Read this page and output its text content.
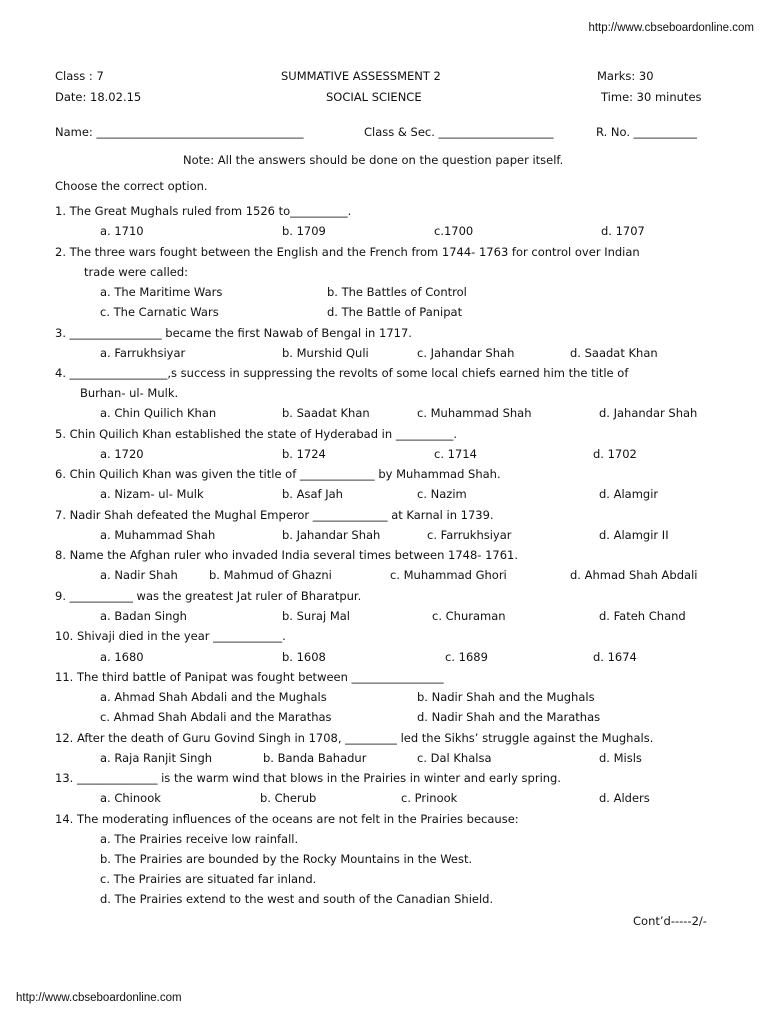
http://www.cbseboardonline.com
Class : 7	SUMMATIVE ASSESSMENT 2	Marks: 30
Date: 18.02.15	SOCIAL SCIENCE	Time: 30 minutes
Name: ____________________________________	Class & Sec. ____________________	R. No. ___________
Note: All the answers should be done on the question paper itself.
Choose the correct option.
1. The Great Mughals ruled from 1526 to__________.
a. 1710	b. 1709	c.1700	d. 1707
2. The three wars fought between the English and the French from 1744- 1763 for control over Indian
trade were called:
a. The Maritime Wars	b. The Battles of Control
c. The Carnatic Wars	d. The Battle of Panipat
3. ________________ became the first Nawab of Bengal in 1717.
a. Farrukhsiyar	b. Murshid Quli	c. Jahandar Shah	d. Saadat Khan
4. _________________,s success in suppressing the revolts of some local chiefs earned him the title of
Burhan- ul- Mulk.
a. Chin Quilich Khan	b. Saadat Khan	c. Muhammad Shah	d. Jahandar Shah
5. Chin Quilich Khan established the state of Hyderabad in __________.
a. 1720	b. 1724	c. 1714	d. 1702
6. Chin Quilich Khan was given the title of _____________ by Muhammad Shah.
a. Nizam- ul- Mulk	b. Asaf Jah	c. Nazim	d. Alamgir
7. Nadir Shah defeated the Mughal Emperor _____________ at Karnal in 1739.
a. Muhammad Shah	b. Jahandar Shah	c. Farrukhsiyar	d. Alamgir II
8. Name the Afghan ruler who invaded India several times between 1748- 1761.
a. Nadir Shah	b. Mahmud of Ghazni	c. Muhammad Ghori	d. Ahmad Shah Abdali
9. ___________ was the greatest Jat ruler of Bharatpur.
a. Badan Singh	b. Suraj Mal	c. Churaman	d. Fateh Chand
10. Shivaji died in the year ____________.
a. 1680	b. 1608	c. 1689	d. 1674
11. The third battle of Panipat was fought between ________________
a. Ahmad Shah Abdali and the Mughals	b. Nadir Shah and the Mughals
c. Ahmad Shah Abdali and the Marathas	d. Nadir Shah and the Marathas
12. After the death of Guru Govind Singh in 1708, _________ led the Sikhs’ struggle against the Mughals.
a. Raja Ranjit Singh	b. Banda Bahadur	c. Dal Khalsa	d. Misls
13. ______________ is the warm wind that blows in the Prairies in winter and early spring.
a. Chinook	b. Cherub	c. Prinook	d. Alders
14. The moderating influences of the oceans are not felt in the Prairies because:
a. The Prairies receive low rainfall.
b. The Prairies are bounded by the Rocky Mountains in the West.
c. The Prairies are situated far inland.
d. The Prairies extend to the west and south of the Canadian Shield.
Cont’d-----2/-
http://www.cbseboardonline.com
